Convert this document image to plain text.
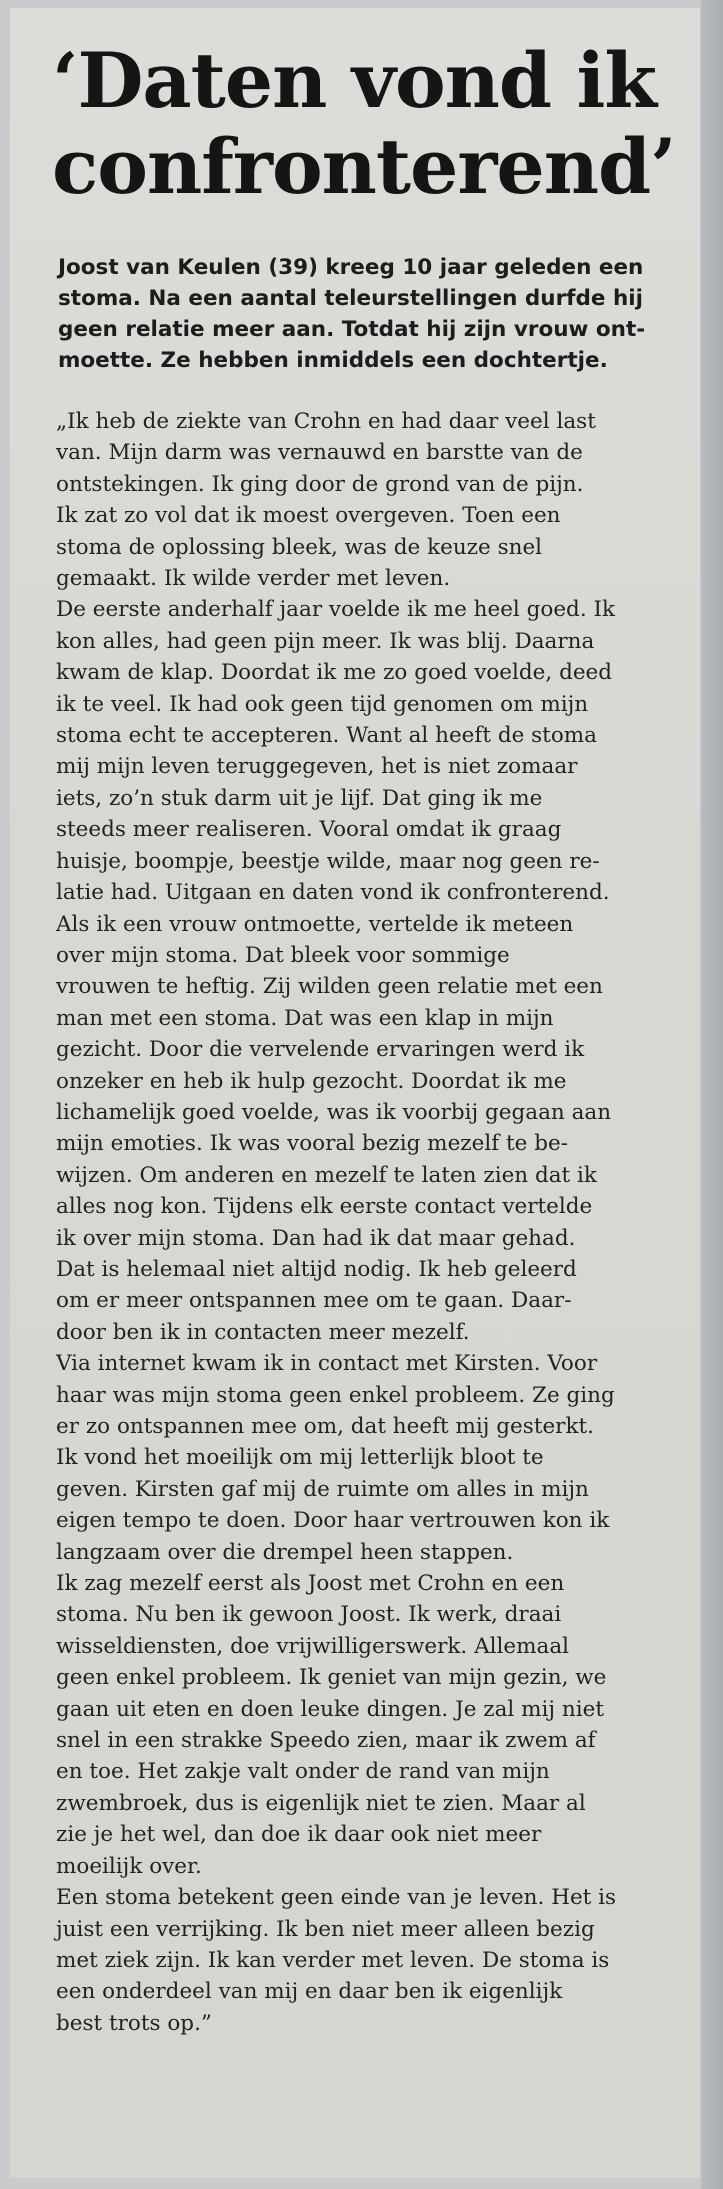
‘Daten vond ik
confronterend’
Joost van Keulen (39) kreeg 10 jaar geleden een
stoma. Na een aantal teleurstellingen durfde hij
geen relatie meer aan. Totdat hij zijn vrouw ont-
moette. Ze hebben inmiddels een dochtertje.
„Ik heb de ziekte van Crohn en had daar veel last
van. Mijn darm was vernauwd en barstte van de
ontstekingen. Ik ging door de grond van de pijn.
Ik zat zo vol dat ik moest overgeven. Toen een
stoma de oplossing bleek, was de keuze snel
gemaakt. Ik wilde verder met leven.
De eerste anderhalf jaar voelde ik me heel goed. Ik
kon alles, had geen pijn meer. Ik was blij. Daarna
kwam de klap. Doordat ik me zo goed voelde, deed
ik te veel. Ik had ook geen tijd genomen om mijn
stoma echt te accepteren. Want al heeft de stoma
mij mijn leven teruggegeven, het is niet zomaar
iets, zo’n stuk darm uit je lijf. Dat ging ik me
steeds meer realiseren. Vooral omdat ik graag
huisje, boompje, beestje wilde, maar nog geen re-
latie had. Uitgaan en daten vond ik confronterend.
Als ik een vrouw ontmoette, vertelde ik meteen
over mijn stoma. Dat bleek voor sommige
vrouwen te heftig. Zij wilden geen relatie met een
man met een stoma. Dat was een klap in mijn
gezicht. Door die vervelende ervaringen werd ik
onzeker en heb ik hulp gezocht. Doordat ik me
lichamelijk goed voelde, was ik voorbij gegaan aan
mijn emoties. Ik was vooral bezig mezelf te be-
wijzen. Om anderen en mezelf te laten zien dat ik
alles nog kon. Tijdens elk eerste contact vertelde
ik over mijn stoma. Dan had ik dat maar gehad.
Dat is helemaal niet altijd nodig. Ik heb geleerd
om er meer ontspannen mee om te gaan. Daar-
door ben ik in contacten meer mezelf.
Via internet kwam ik in contact met Kirsten. Voor
haar was mijn stoma geen enkel probleem. Ze ging
er zo ontspannen mee om, dat heeft mij gesterkt.
Ik vond het moeilijk om mij letterlijk bloot te
geven. Kirsten gaf mij de ruimte om alles in mijn
eigen tempo te doen. Door haar vertrouwen kon ik
langzaam over die drempel heen stappen.
Ik zag mezelf eerst als Joost met Crohn en een
stoma. Nu ben ik gewoon Joost. Ik werk, draai
wisseldiensten, doe vrijwilligerswerk. Allemaal
geen enkel probleem. Ik geniet van mijn gezin, we
gaan uit eten en doen leuke dingen. Je zal mij niet
snel in een strakke Speedo zien, maar ik zwem af
en toe. Het zakje valt onder de rand van mijn
zwembroek, dus is eigenlijk niet te zien. Maar al
zie je het wel, dan doe ik daar ook niet meer
moeilijk over.
Een stoma betekent geen einde van je leven. Het is
juist een verrijking. Ik ben niet meer alleen bezig
met ziek zijn. Ik kan verder met leven. De stoma is
een onderdeel van mij en daar ben ik eigenlijk
best trots op.”
